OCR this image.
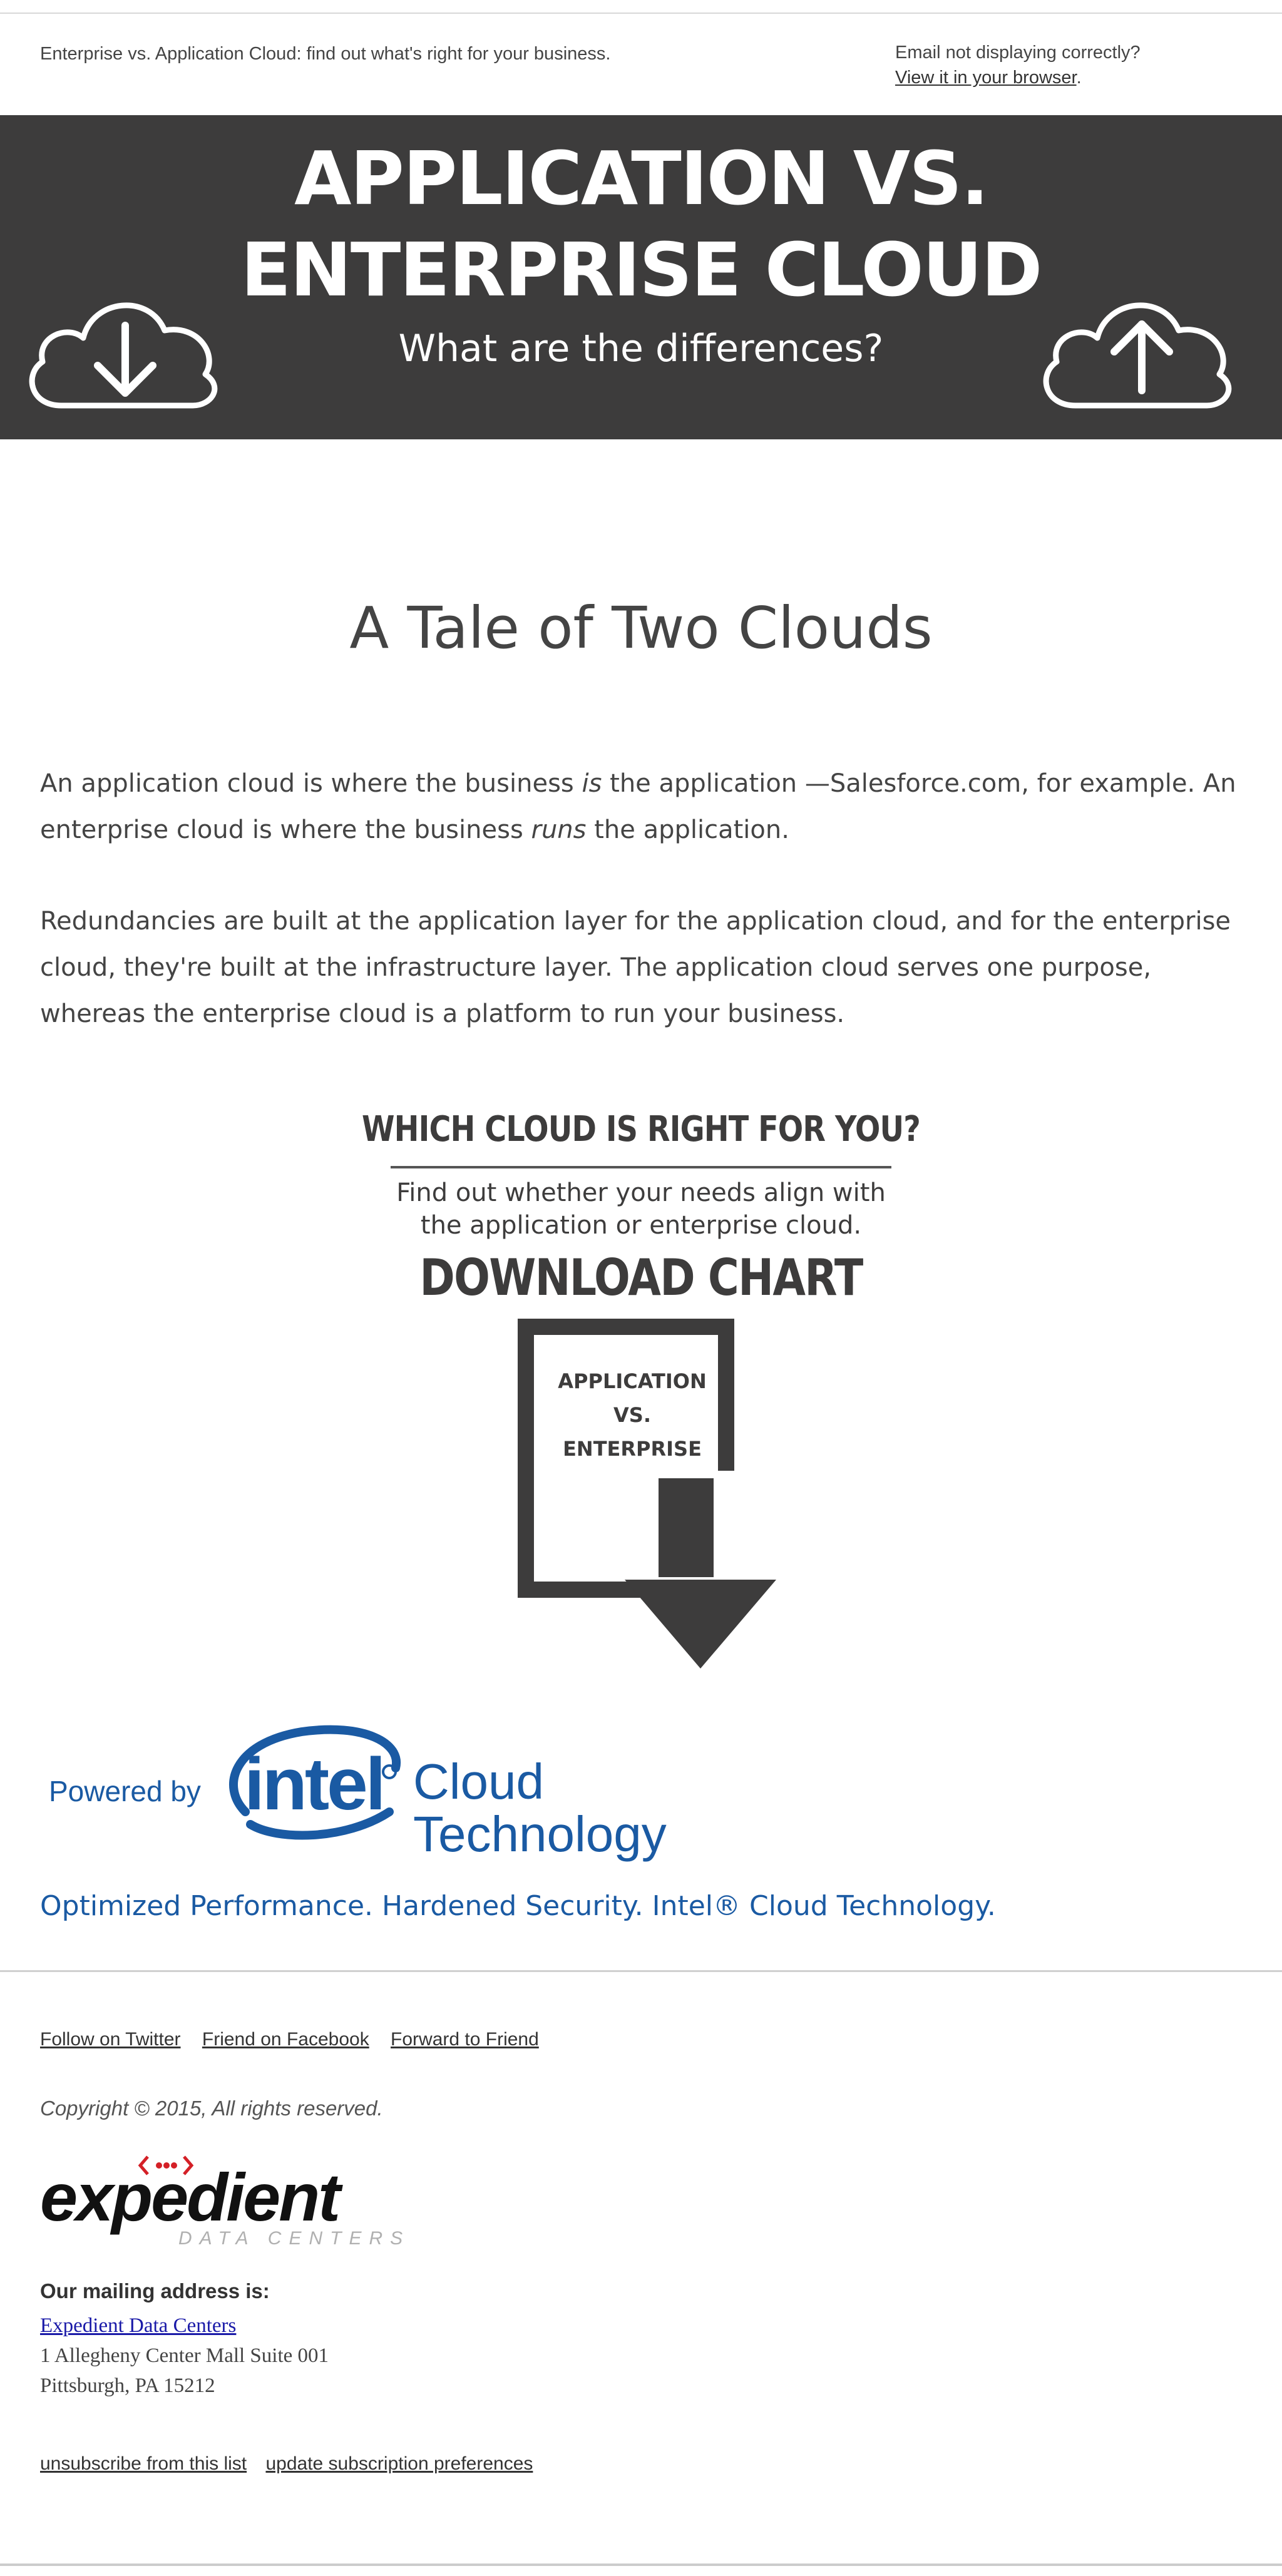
Enterprise vs. Application Cloud: find out what's right for your business.	Email not displaying correctly?
View it in your browser.
APPLICATION VS.
ENTERPRISE CLOUD
What are the differences?
A Tale of Two Clouds
An application cloud is where the business is the application —Salesforce.com, for example. An enterprise cloud is where the business runs the application.
Redundancies are built at the application layer for the application cloud, and for the enterprise cloud, they're built at the infrastructure layer. The application cloud serves one purpose, whereas the enterprise cloud is a platform to run your business.
WHICH CLOUD IS RIGHT FOR YOU?
Find out whether your needs align with
the application or enterprise cloud.
DOWNLOAD CHART
APPLICATION
VS.
ENTERPRISE
Powered by intel Cloud
Technology
Optimized Performance. Hardened Security. Intel® Cloud Technology.
Follow on Twitter Friend on Facebook Forward to Friend
Copyright © 2015, All rights reserved.
expedient
DATA CENTERS
Our mailing address is:
Expedient Data Centers
1 Allegheny Center Mall Suite 001
Pittsburgh, PA 15212
unsubscribe from this list update subscription preferences
